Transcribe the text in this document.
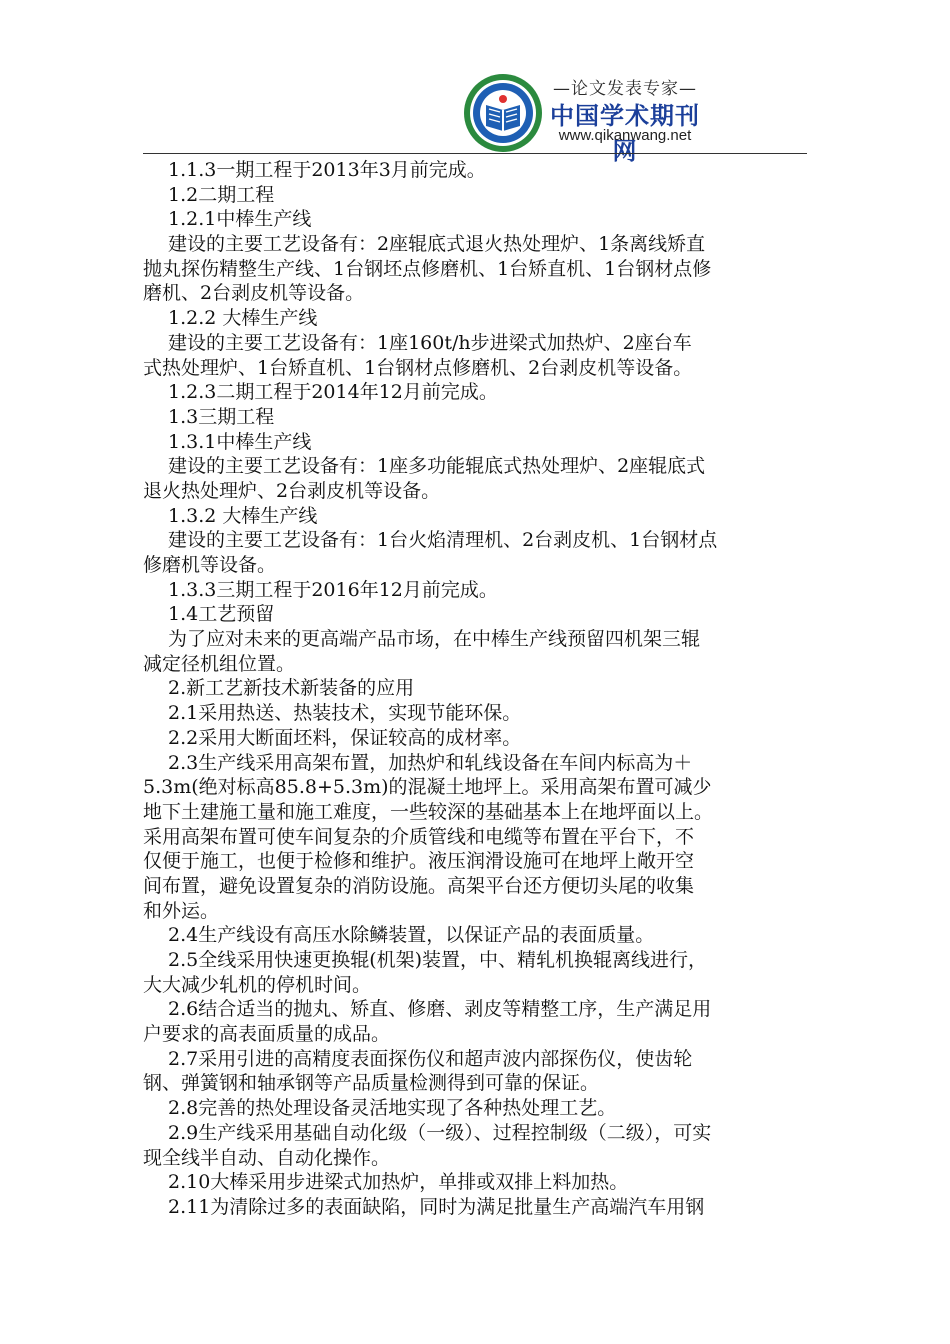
—论文发表专家—
中国学术期刊网
www.qikanwang.net
1.1.3一期工程于2013年3月前完成。
1.2二期工程
1.2.1中棒生产线
建设的主要工艺设备有：2座辊底式退火热处理炉、1条离线矫直
抛丸探伤精整生产线、1台钢坯点修磨机、1台矫直机、1台钢材点修
磨机、2台剥皮机等设备。
1.2.2 大棒生产线
建设的主要工艺设备有：1座160t/h步进梁式加热炉、2座台车
式热处理炉、1台矫直机、1台钢材点修磨机、2台剥皮机等设备。
1.2.3二期工程于2014年12月前完成。
1.3三期工程
1.3.1中棒生产线
建设的主要工艺设备有：1座多功能辊底式热处理炉、2座辊底式
退火热处理炉、2台剥皮机等设备。
1.3.2 大棒生产线
建设的主要工艺设备有：1台火焰清理机、2台剥皮机、1台钢材点
修磨机等设备。
1.3.3三期工程于2016年12月前完成。
1.4工艺预留
为了应对未来的更高端产品市场，在中棒生产线预留四机架三辊
减定径机组位置。
2.新工艺新技术新装备的应用
2.1采用热送、热装技术，实现节能环保。
2.2采用大断面坯料，保证较高的成材率。
2.3生产线采用高架布置，加热炉和轧线设备在车间内标高为＋
5.3m(绝对标高85.8+5.3m)的混凝土地坪上。采用高架布置可减少
地下土建施工量和施工难度，一些较深的基础基本上在地坪面以上。
采用高架布置可使车间复杂的介质管线和电缆等布置在平台下，不
仅便于施工，也便于检修和维护。液压润滑设施可在地坪上敞开空
间布置，避免设置复杂的消防设施。高架平台还方便切头尾的收集
和外运。
2.4生产线设有高压水除鳞装置，以保证产品的表面质量。
2.5全线采用快速更换辊(机架)装置，中、精轧机换辊离线进行，
大大减少轧机的停机时间。
2.6结合适当的抛丸、矫直、修磨、剥皮等精整工序，生产满足用
户要求的高表面质量的成品。
2.7采用引进的高精度表面探伤仪和超声波内部探伤仪，使齿轮
钢、弹簧钢和轴承钢等产品质量检测得到可靠的保证。
2.8完善的热处理设备灵活地实现了各种热处理工艺。
2.9生产线采用基础自动化级（一级）、过程控制级（二级），可实
现全线半自动、自动化操作。
2.10大棒采用步进梁式加热炉，单排或双排上料加热。
2.11为清除过多的表面缺陷，同时为满足批量生产高端汽车用钢
